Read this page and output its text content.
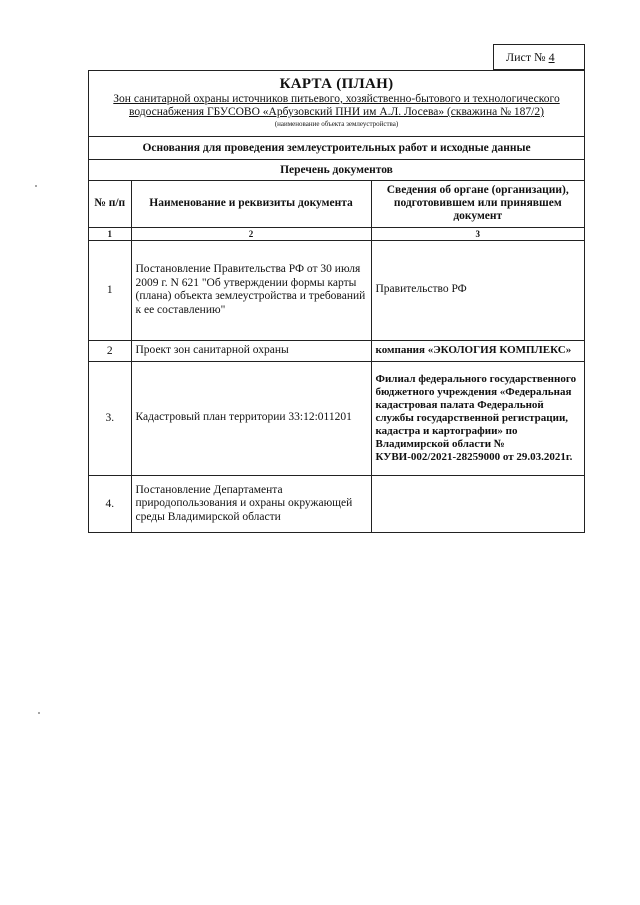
Лист № 4
КАРТА (ПЛАН)
Зон санитарной охраны источников питьевого, хозяйственно-бытового и технологического
водоснабжения ГБУСОВО «Арбузовский ПНИ им А.Л. Лосева» (скважина № 187/2)
(наименование объекта землеустройства)
Основания для проведения землеустроительных работ и исходные данные
Перечень документов
№ п/п	Наименование и реквизиты документа	Сведения об органе (организации), подготовившем или принявшем документ
1	2	3
1	Постановление Правительства РФ от 30 июля 2009 г. N 621 "Об утверждении формы карты (плана) объекта землеустройства и требований к ее составлению"	Правительство РФ
2	Проект зон санитарной охраны	компания «ЭКОЛОГИЯ КОМПЛЕКС»
3.	Кадастровый план территории 33:12:011201	Филиал федерального государственного бюджетного учреждения «Федеральная кадастровая палата Федеральной службы государственной регистрации, кадастра и картографии» по Владимирской области № КУВИ-002/2021-28259000 от 29.03.2021г.
4.	Постановление Департамента природопользования и охраны окружающей среды Владимирской области	
